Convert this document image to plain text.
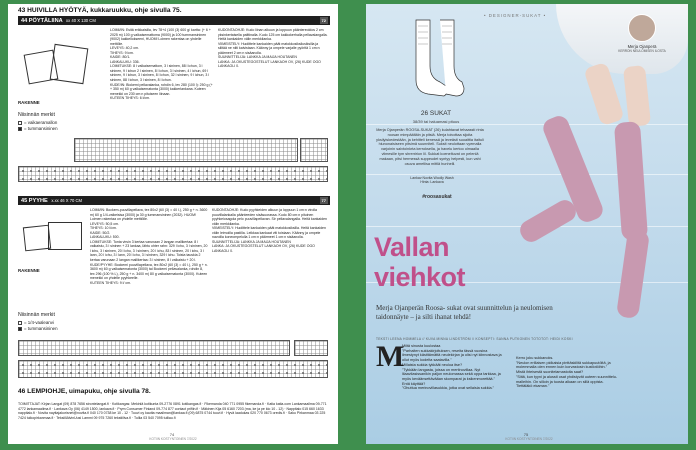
43 HUIVILLA HYÖTYÄ, kukkaruukku, ohje sivulla 75.
44 PÖYTÄLIINA xx 40 X 130 CM	72
RAKENNE
Niisinnän merkit
= vaikaeramallon
= tummansininen
LOIMI/IN: Esitä erikkaisilla, lev 78+4 (100 (3) 600 g/ kartta: (+ 6 + 2025 m) 100 g valkaisemattoma (9000) ja 100 tummansininen (9002) kakkellokseeni, HUOM! Loimen rakentaa on yhdelle mettiöle.
LEVEYS: 40,2 cm.
TIHEYS: 9 lcm.
KAIDE: 80/1.
LANKALUKU: 336.
LOIMITUKSE: 8 l valkaisemattom, 3 l sininen, 88 l ichun, 3 l sininen, 9 l ichun 2 l sininen, 8 l ichun, 3 l sininen, 4 l ichun, 69 l sininen, 9 l ichun, 3 l sininen, 8 l ichun, 32 l sininen, 9 l ichun, 3 l sininen, 88 l ichun, 3 l sininen, 8 l ichun.
KUDE/IN: Biokemi pellavalanka, rohdin 6, lev 280 (100 l): 250 g (+ + 350 m) 60 g valkaisematonta (3000) kakkerlankana. Kuteen menekki on 230 cm:n pituiseen liinaan.
KUTEEN TIHEYS: 6 l/cm.
KUDONTAOHJE: Kudo liinan alkuun ja loppuun pääntereoldos 2 cm yksinkertaisella palttinalla. Kudo 125 cm kakkokerhalla pellavalangalla. Heitä kankaiden välin merkkilanka.
VIIMEISTELY: Huolittele kankaiden päät matokkosiksilusiksilla ja silitää ne niiti kaivistaan. Käänny ja ompele varjalle pyöritä 1 cm:n päärmeet 2 cm:n sisäanolla.
SUUNNITTELIJA: LANKKA JA MAIJA HOUTANEN
LANKA: JA OKUSTEGOSTELUT LANKAOH OV, (26) KUDE OGO LANKAOLI 0.
45 PYYHE x.xx 46 X 70 CM	77
RAKENNE
Niisinnän merkit
= 1/4-vaaleanvi
= tummansininen
LOIMI/IN: Bockem-puuvillapellava, tex 80x2 (60 (3) = 40 l.), 250 g + n. 3600 m) 60 g 1/4-vaikeisisa (3000) ja 30 g tummansininen (2032). HUOM! Loimen rakentaa on yhdelle mettiölle.
LEVEYS: 50,5 cm.
TIHEYS: 10 l/cm.
KAIDE: 50/2.
LANKALUKU: 500.
LOIMITUKSE: Tonta virsin 3 kertaa varunaan 2 langan mallikertaa: 8 l valkaistu, 3 l sininen + 23 lankaa, lähtu ohter rahn: 329 l ichu, 3 l sininen, 20 l ichu, 3 l sininen, 20 l ichu, 3 l sininen, 20 l ichu, 83 l sininen, 20 l ichu, 3 l lann, 20 l ichu, 3 l lann, 20 l ichu, 3 l sininen, 329 l ichu. Toista tauskia 2 kertaa varunaan 2 langan mallikertaa: 3 l sininen, 8 l valkaistu + 20 l.
KUDE/PYYHE: Bockemi puuvillapellava, tex 80x2 (60 (3) = 40 l.), 250 g + n. 3600 m) 60 g valkaisematonta (3000) tai Bockemi pellavalanka, rohdin 8, tex 296 (100 % L), 250 g + n. 3400 m) 80 g valkaisematonta (3000). Kuteen menekki on yhdelle pyyhkeelle.
KUTEEN TIHEYS: 9 l/ cm.
KUDONTAOHJE: Kudo pyyhkeiden alkuun ja loppuun 1 cm:n virolla puuvillalankalla päänteeden sisäsuorassa. Kudo 80 cm:n pituinen pyyhkeiosagola pelo puuvillapellavan. Sir pellavalangalla. Heitä kankaiden välin merkkilanka.
VIIMEISTELY: Huolittele kankaiden päät matokkosiksilla. Heitä kankaiden välin leimoilla pastilla. Leikkaa kankaat viti toistaan. Käänny ja ompele navoilla koneompelulla 1 cm:n päärmeet 1 cm:n sisäanolla.
SUUNNITTELIJA: LANKKA JA MAIJA HOUTANEN
LANKA: JA OKUSTEGOSTELUT LANKAOH OV, (26) KUDE OGO LANKAOLI 0.
46 LEMPIOHJE, uimapuku, ohje sivulla 78.
TOIMITTAJAT: Kirjan Langat (09) 878 7656 strontelangat.fi · Kotikangas: Mekinlä kotikunta 09-2776 0891 kotikangas.fi · Fikemanda 040 771 0955 fikemanda.fi · Katia katia.com Lankamaailma 09-771 4772 lankamaailma.fi · Lankava Oy (06) 4149 1500, lankava.fi · Prym Consumer Finland 09-774 877 contact prifiin.fi · Mäkinen Kija 05 6160 7203 (ma, ke ja pe klo 10 - 12) · Nappitalo 015 660 1633 nappitalo.fi · Novita nayttajakorisnet@novita.fi 040 170 0738 ke 10 - 12 · Tuuvi oy kautta maailman@lankaa.fi (09) 6875 0744 tuuvi.fi · Hyvä laadukas 020 770 0673 oredis.fi · Saku Pirkanmaa 03 225 7424 tuikopirkanmaa.fi · TeksiiliAlvinUusi Lammi 09 975 7260 tekstiiliva.fi · Tullia 03 540 7095 tulliau.fi
74
KOTIIN KOSTYNTOINEN 7/2022
• DESIGNER-SUKAT •
Merja Ojanperä
KERRON NEULOMISEN ILOSTA
26 SUKAT
38/39 tai haluamasi pituus
Merja Ojanperän ROOSA-SUKAT (26) kulahtavat tehaassti rinta roosan mimpäältäin ja pitsiä. Merja toivottaa sijoita yksilyiskedestään, ja kehitteli kenessä ja leveästi suoaittia itaituli hiunonaisiseen pitsimä suunniteli. Suksit neulottaan vyemalla varjoinin salvtoinkrta kerroksella, ja havelu kertoo olmaalla viimesille tym shrentrion lil. Sukkat koeneltuvat on pelenlä makaan, pitsi hermessä suppeudet syntyy helpesti, kun vahi osuva ametlisa mittlä hunhelli.
Lankav Novita Woolly Wash
Hinta: Lankava
#roosasukat
Vallan
viehkot
Merja Ojanperän Roosa- sukat ovat suunnittelun ja neulomisen taidonnäyte – ja silti ihanat tehdä!
TEKSTI LEENA HOMMELA // KUVA MINNA LINDSTRÖM // KONSEPTI: SANNA PUTKONEN TOTOTOT: HEIDI KOSKI
M
Miltä sinusta kuulostaa
"Parhaiten sukkakirjoituksen, reseita tässä vuosina ilmestynyt käsittämättä neulekirjan ja olisi nyt kiinnostava ja ollut myös kodelta saatavilla."
Millaista sukkia tykkäät neuloa itse?
"Tykkään langasta, joissa on mertinovillaa. Nyt lilaavilasissanikin paljon neulomassa sekä oppa tarkkaa, ja myös keväänsettävääan skomparat ja ksikenmorettää."
Entä käyttää?
"Ohuttua merinovillasukkia, jotka ovat sellaisia sukkia."
Kerro joku sukkanoks.
"Neulon erillaisen pidkaisia pinttäskilitä sukkapuutöitä, ja molemmalla olen ennen kuin korvastosin kustlotöihin."
Mistä ihteisestä suonitelamastoita saat?
"Siitä, kun tyyni ja alussti osat yhdistyvät uuteen suunnittelu-malleihin. On silloin ja tuosta alkaan on sillä oppista. Tiettäläkö ekaman."
75
KOTIIN KOSTYNTOINEN 7/2022
